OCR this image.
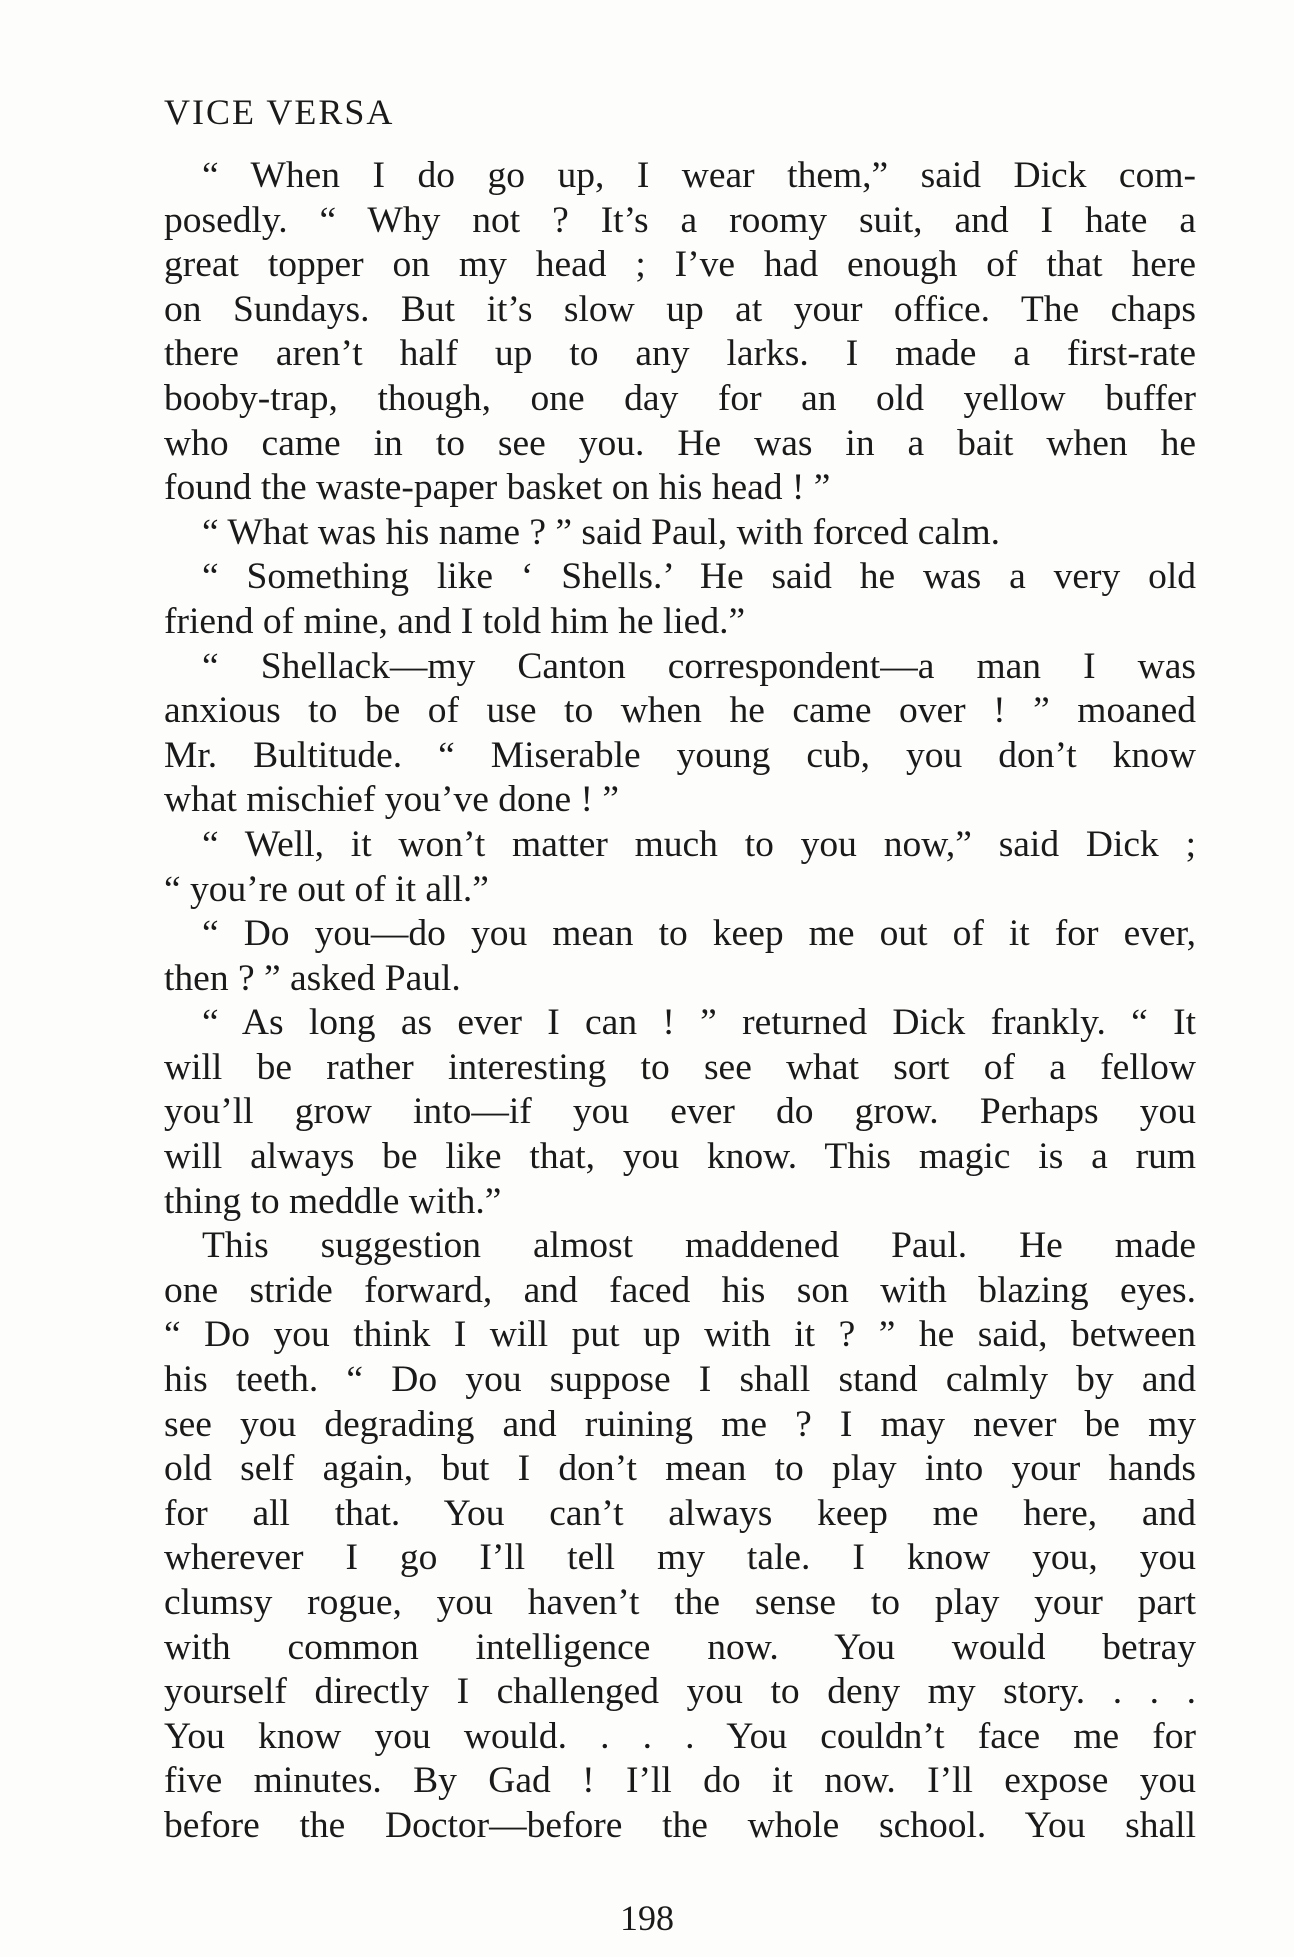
VICE VERSA
“ When I do go up, I wear them,” said Dick com-
posedly. “ Why not ? It’s a roomy suit, and I hate a
great topper on my head ; I’ve had enough of that here
on Sundays. But it’s slow up at your office. The chaps
there aren’t half up to any larks. I made a first-rate
booby-trap, though, one day for an old yellow buffer
who came in to see you. He was in a bait when he
found the waste-paper basket on his head ! ”
“ What was his name ? ” said Paul, with forced calm.
“ Something like ‘ Shells.’ He said he was a very old
friend of mine, and I told him he lied.”
“ Shellack—my Canton correspondent—a man I was
anxious to be of use to when he came over ! ” moaned
Mr. Bultitude. “ Miserable young cub, you don’t know
what mischief you’ve done ! ”
“ Well, it won’t matter much to you now,” said Dick ;
“ you’re out of it all.”
“ Do you—do you mean to keep me out of it for ever,
then ? ” asked Paul.
“ As long as ever I can ! ” returned Dick frankly. “ It
will be rather interesting to see what sort of a fellow
you’ll grow into—if you ever do grow. Perhaps you
will always be like that, you know. This magic is a rum
thing to meddle with.”
This suggestion almost maddened Paul. He made
one stride forward, and faced his son with blazing eyes.
“ Do you think I will put up with it ? ” he said, between
his teeth. “ Do you suppose I shall stand calmly by and
see you degrading and ruining me ? I may never be my
old self again, but I don’t mean to play into your hands
for all that. You can’t always keep me here, and
wherever I go I’ll tell my tale. I know you, you
clumsy rogue, you haven’t the sense to play your part
with common intelligence now. You would betray
yourself directly I challenged you to deny my story. . . .
You know you would. . . . You couldn’t face me for
five minutes. By Gad ! I’ll do it now. I’ll expose you
before the Doctor—before the whole school. You shall
198
